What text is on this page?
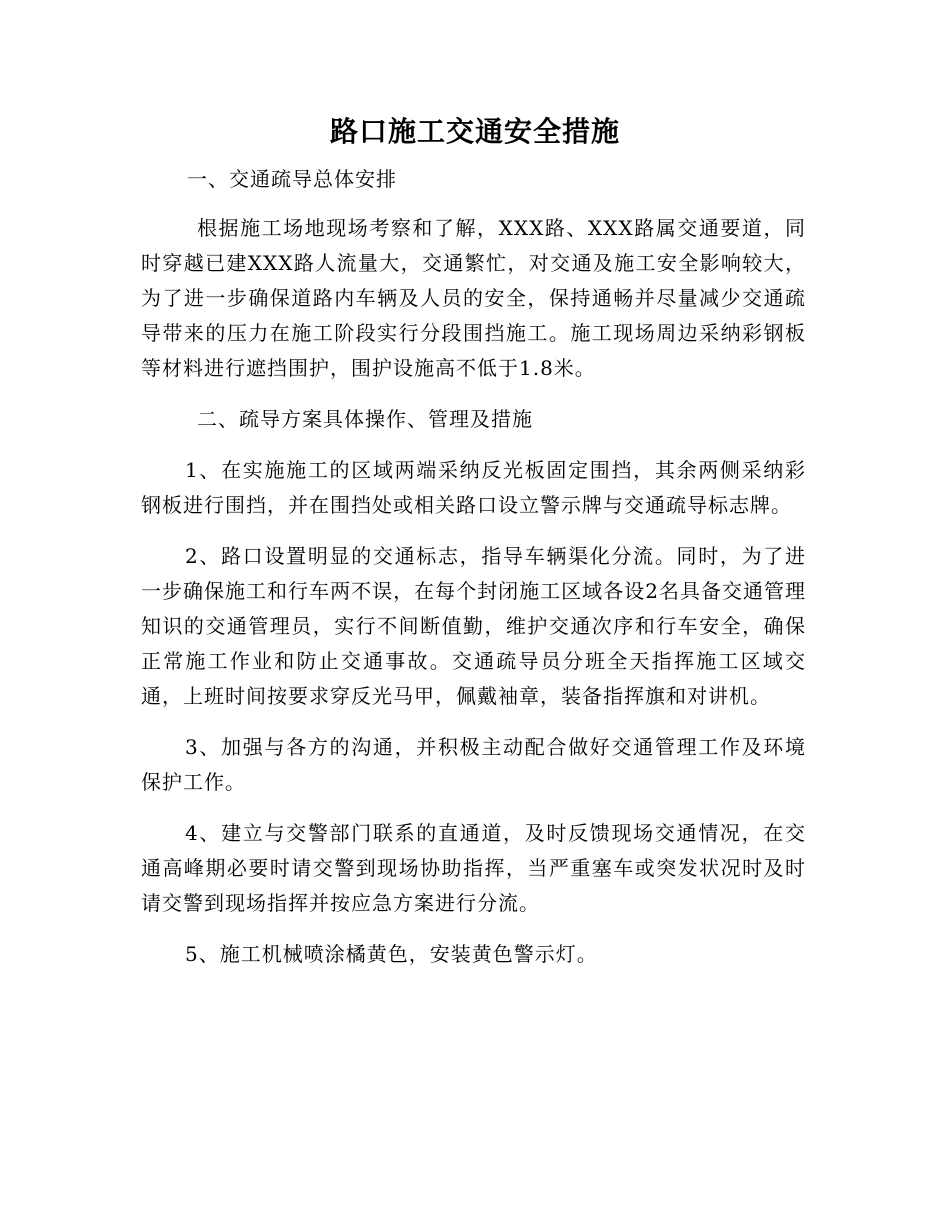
路口施工交通安全措施

一、交通疏导总体安排

根据施工场地现场考察和了解，XXX路、XXX路属交通要道，同时穿越已建XXX路人流量大，交通繁忙，对交通及施工安全影响较大，为了进一步确保道路内车辆及人员的安全，保持通畅并尽量减少交通疏导带来的压力在施工阶段实行分段围挡施工。施工现场周边采纳彩钢板等材料进行遮挡围护，围护设施高不低于1.8米。

二、疏导方案具体操作、管理及措施

1、在实施施工的区域两端采纳反光板固定围挡，其余两侧采纳彩钢板进行围挡，并在围挡处或相关路口设立警示牌与交通疏导标志牌。

2、路口设置明显的交通标志，指导车辆渠化分流。同时，为了进一步确保施工和行车两不误，在每个封闭施工区域各设2名具备交通管理知识的交通管理员，实行不间断值勤，维护交通次序和行车安全，确保正常施工作业和防止交通事故。交通疏导员分班全天指挥施工区域交通，上班时间按要求穿反光马甲，佩戴袖章，装备指挥旗和对讲机。

3、加强与各方的沟通，并积极主动配合做好交通管理工作及环境保护工作。

4、建立与交警部门联系的直通道，及时反馈现场交通情况，在交通高峰期必要时请交警到现场协助指挥，当严重塞车或突发状况时及时请交警到现场指挥并按应急方案进行分流。

5、施工机械喷涂橘黄色，安装黄色警示灯。
